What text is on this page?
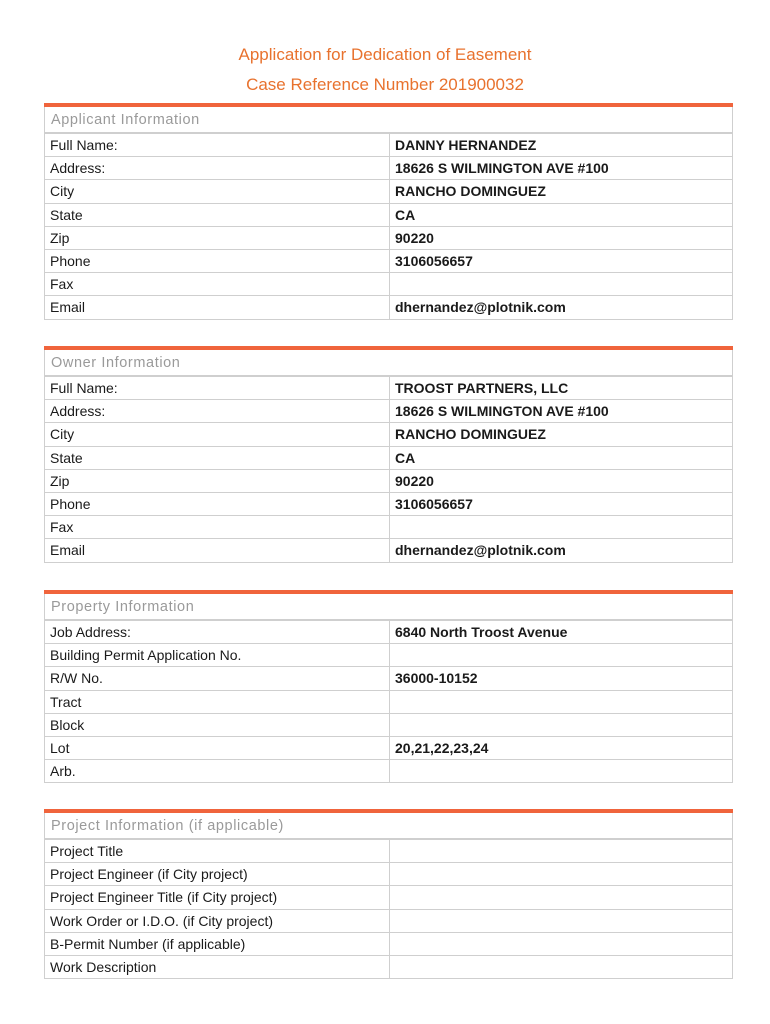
Application for Dedication of Easement
Case Reference Number 201900032
Applicant Information
Full Name:	DANNY HERNANDEZ
Address:	18626 S WILMINGTON AVE #100
City	RANCHO DOMINGUEZ
State	CA
Zip	90220
Phone	3106056657
Fax	
Email	dhernandez@plotnik.com
Owner Information
Full Name:	TROOST PARTNERS, LLC
Address:	18626 S WILMINGTON AVE #100
City	RANCHO DOMINGUEZ
State	CA
Zip	90220
Phone	3106056657
Fax	
Email	dhernandez@plotnik.com
Property Information
Job Address:	6840 North Troost Avenue
Building Permit Application No.	
R/W No.	36000-10152
Tract	
Block	
Lot	20,21,22,23,24
Arb.	
Project Information (if applicable)
Project Title	
Project Engineer (if City project)	
Project Engineer Title (if City project)	
Work Order or I.D.O. (if City project)	
B-Permit Number (if applicable)	
Work Description	
